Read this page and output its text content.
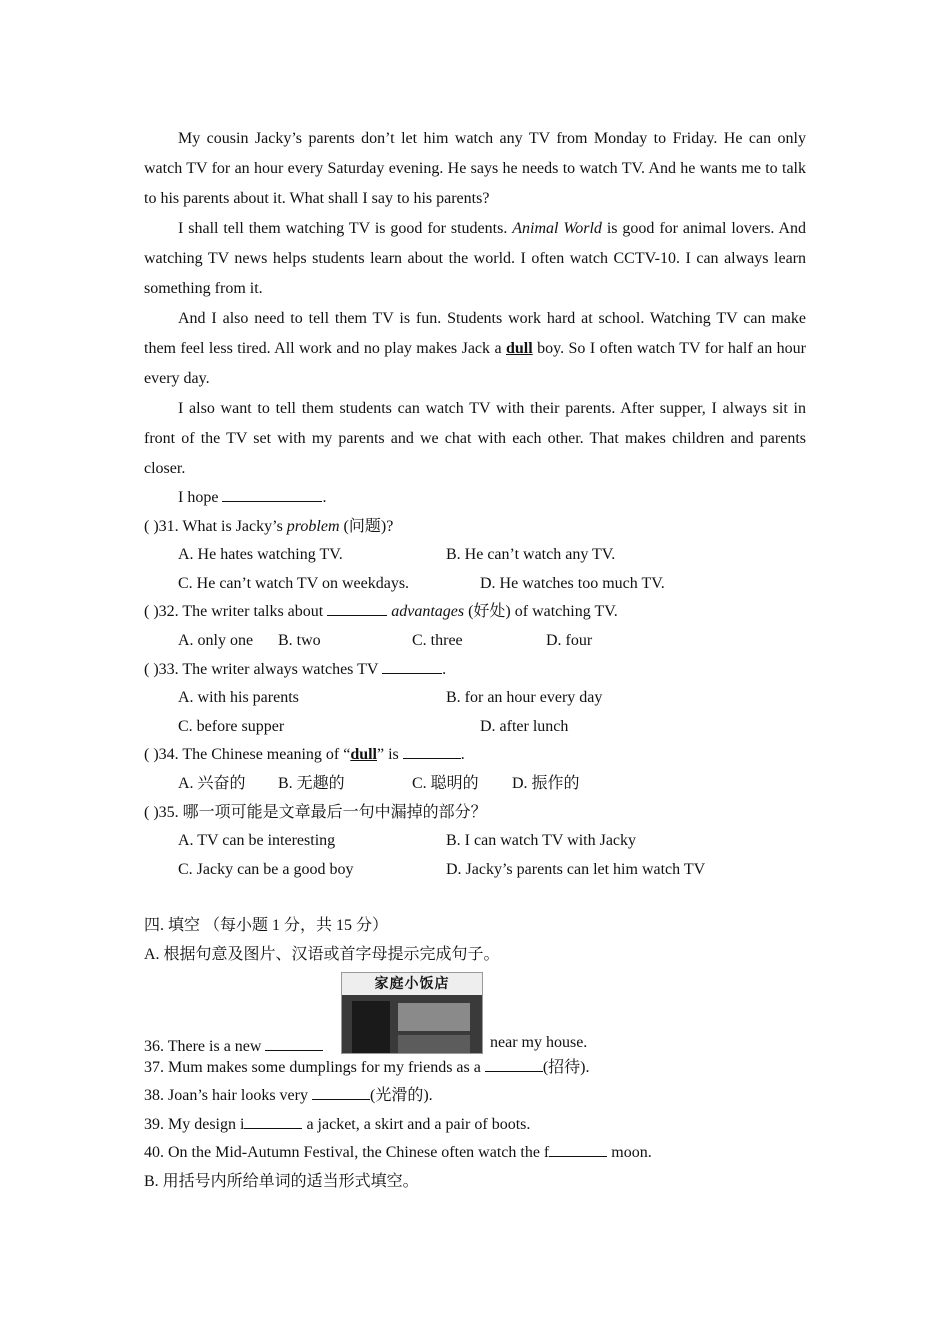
My cousin Jacky’s parents don’t let him watch any TV from Monday to Friday. He can only watch TV for an hour every Saturday evening. He says he needs to watch TV. And he wants me to talk to his parents about it. What shall I say to his parents?

I shall tell them watching TV is good for students. Animal World is good for animal lovers. And watching TV news helps students learn about the world. I often watch CCTV-10. I can always learn something from it.

And I also need to tell them TV is fun. Students work hard at school. Watching TV can make them feel less tired. All work and no play makes Jack a dull boy. So I often watch TV for half an hour every day.

I also want to tell them students can watch TV with their parents. After supper, I always sit in front of the TV set with my parents and we chat with each other. That makes children and parents closer.

I hope	.
( )31. What is Jacky’s problem (问题)?
A. He hates watching TV.	B. He can’t watch any TV.
C. He can’t watch TV on weekdays.	D. He watches too much TV.
( )32. The writer talks about	advantages (好处) of watching TV.
A. only one B. two	C. three	D. four
( )33. The writer always watches TV	.
A. with his parents	B. for an hour every day
C. before supper	D. after lunch
( )34. The Chinese meaning of “dull” is	.
A. 兴奋的 B. 无趣的	C. 聪明的 D. 振作的
( )35. 哪一项可能是文章最后一句中漏掉的部分？
A. TV can be interesting	B. I can watch TV with Jacky
C. Jacky can be a good boy	D. Jacky’s parents can let him watch TV
四. 填空 （每小题 1 分，共 15 分）
A. 根据句意及图片、汉语或首字母提示完成句子。
36. There is a new
家庭小饭店
near my house.
37. Mum makes some dumplings for my friends as a	(招待).
38. Joan’s hair looks very	(光滑的).
39. My design i	a jacket, a skirt and a pair of boots.
40. On the Mid-Autumn Festival, the Chinese often watch the f	moon.
B. 用括号内所给单词的适当形式填空。
